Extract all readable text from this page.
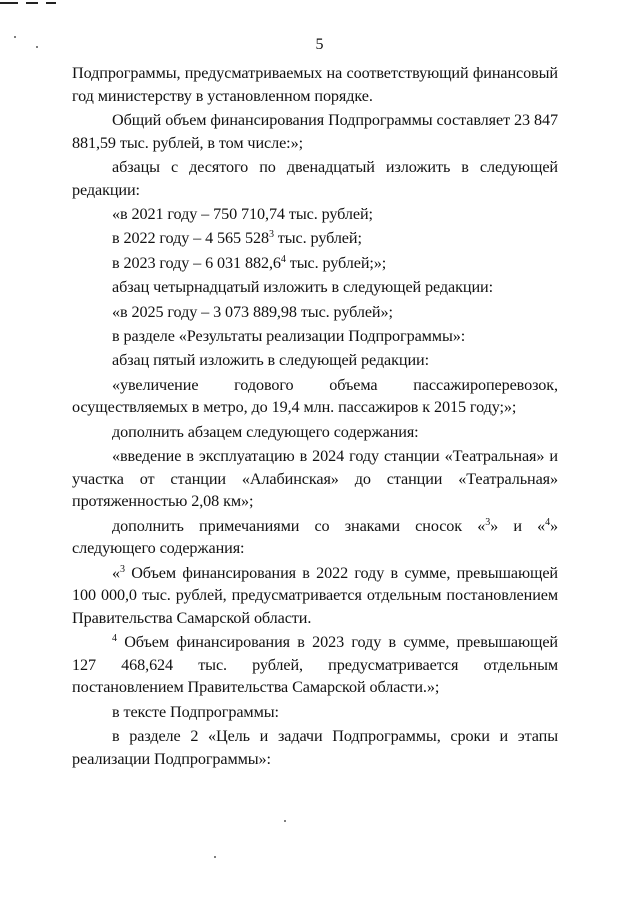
5

Подпрограммы, предусматриваемых на соответствующий финансовый год министерству в установленном порядке.

Общий объем финансирования Подпрограммы составляет 23 847 881,59 тыс. рублей, в том числе:»;

абзацы с десятого по двенадцатый изложить в следующей редакции:

«в 2021 году – 750 710,74 тыс. рублей;

в 2022 году – 4 565 $528^3$ тыс. рублей;

в 2023 году – 6 031 882,6$^4$ тыс. рублей;»;

абзац четырнадцатый изложить в следующей редакции:

«в 2025 году – 3 073 889,98 тыс. рублей»;

в разделе «Результаты реализации Подпрограммы»:

абзац пятый изложить в следующей редакции:

«увеличение годового объема пассажироперевозок, осуществляемых в метро, до 19,4 млн. пассажиров к 2015 году;»;

дополнить абзацем следующего содержания:

«введение в эксплуатацию в 2024 году станции «Театральная» и участка от станции «Алабинская» до станции «Театральная» протяженностью 2,08 км»;

дополнить примечаниями со знаками сносок «$^3$» и «$^4$» следующего содержания:

«$^3$ Объем финансирования в 2022 году в сумме, превышающей 100 000,0 тыс. рублей, предусматривается отдельным постановлением Правительства Самарской области.

$^4$ Объем финансирования в 2023 году в сумме, превышающей 127 468,624 тыс. рублей, предусматривается отдельным постановлением Правительства Самарской области.»;

в тексте Подпрограммы:

в разделе 2 «Цель и задачи Подпрограммы, сроки и этапы реализации Подпрограммы»:
